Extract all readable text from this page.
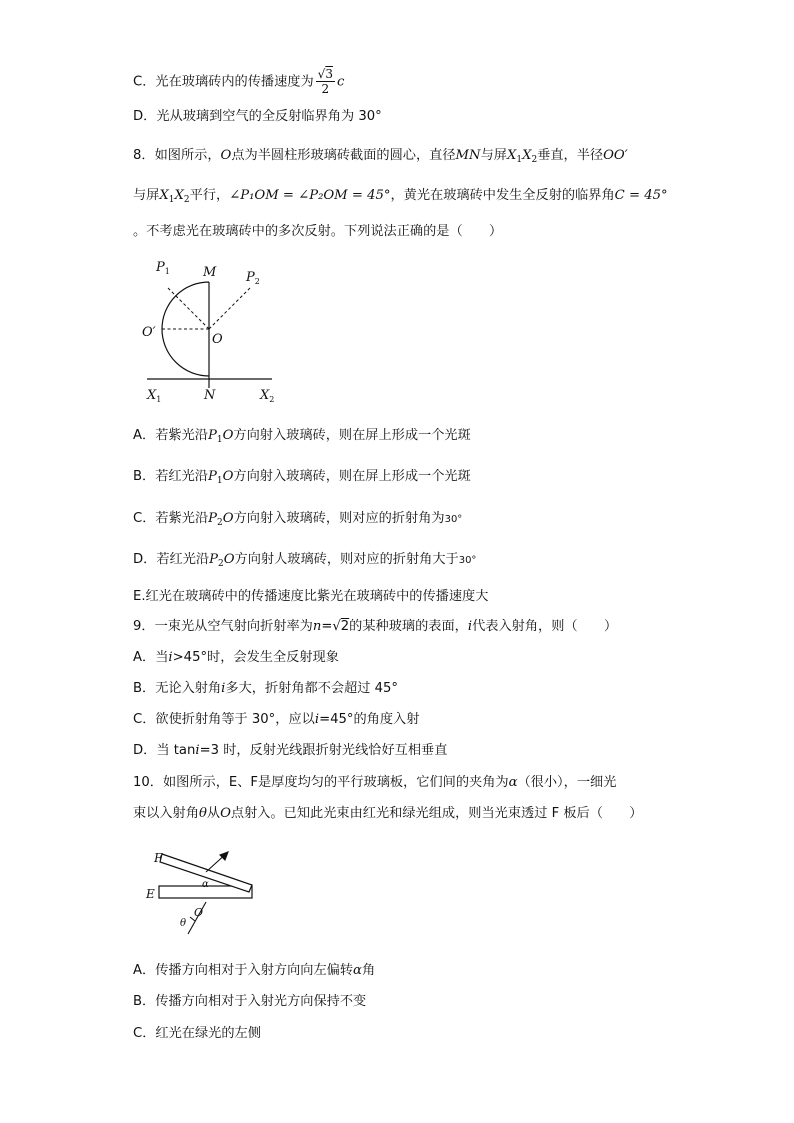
C．光在玻璃砖内的传播速度为 $\frac{√3}{2}$ c
D．光从玻璃到空气的全反射临界角为 30°
8．如图所示，O点为半圆柱形玻璃砖截面的圆心，直径MN与屏$X_1X_2$垂直，半径OO′
与屏$X_1X_2$平行，∠P₁OM = ∠P₂OM = 45°，黄光在玻璃砖中发生全反射的临界角C = 45°
。不考虑光在玻璃砖中的多次反射。下列说法正确的是（　　）
$P_1$	M $P_2$
O′	O
$X_1$	N	$X_2$
A．若紫光沿$P_1O$方向射入玻璃砖，则在屏上形成一个光斑
B．若红光沿$P_1O$方向射入玻璃砖，则在屏上形成一个光斑
C．若紫光沿$P_2O$方向射入玻璃砖，则对应的折射角为30°
D．若红光沿$P_2O$方向射人玻璃砖，则对应的折射角大于30°
E.红光在玻璃砖中的传播速度比紫光在玻璃砖中的传播速度大
9．一束光从空气射向折射率为n=√2的某种玻璃的表面，i代表入射角，则（　　）
A．当i>45°时，会发生全反射现象
B．无论入射角i多大，折射角都不会超过 45°
C．欲使折射角等于 30°，应以i=45°的角度入射
D．当 tani=3 时，反射光线跟折射光线恰好互相垂直
10．如图所示，E、F是厚度均匀的平行玻璃板，它们间的夹角为α（很小），一细光
束以入射角θ从O点射入。已知此光束由红光和绿光组成，则当光束透过 F 板后（　　）
F
E
α
O
θ
A．传播方向相对于入射方向向左偏转α角
B．传播方向相对于入射光方向保持不变
C．红光在绿光的左侧
